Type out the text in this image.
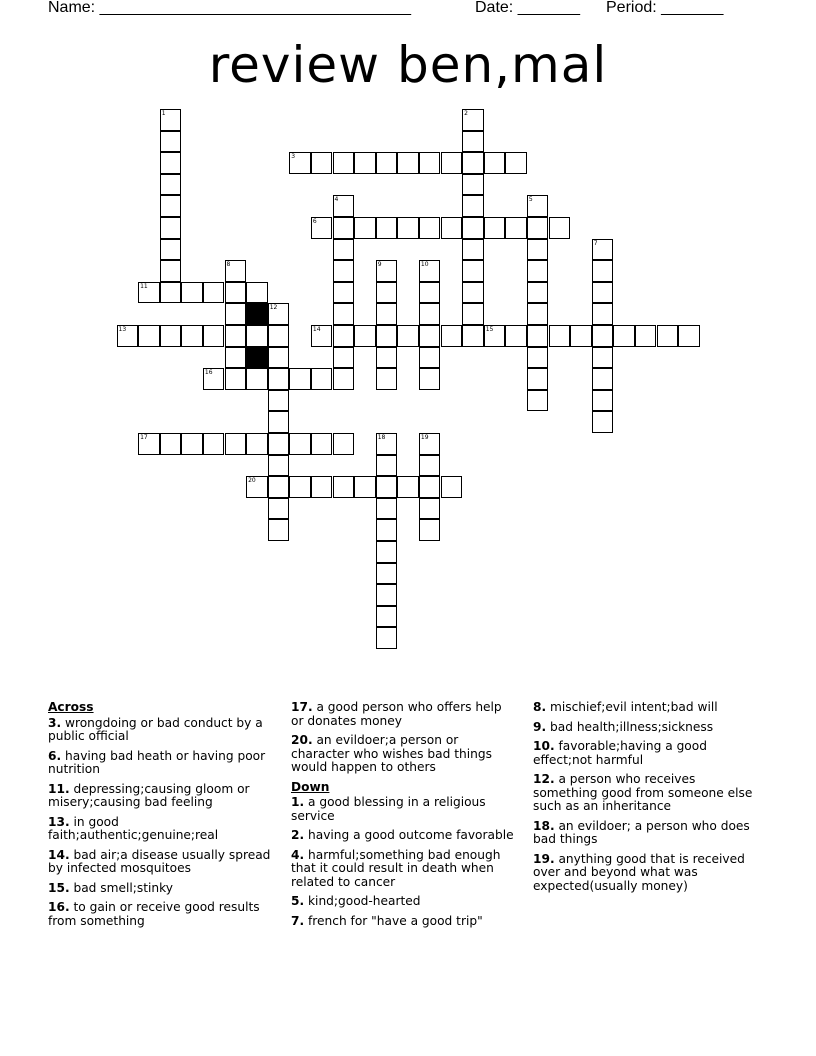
Name: ___________________________________	Date: _______ Period: _______
review ben,mal
1	2
3
4	5
6
7
8	9	10
11
12
13	14	15
16
17	18	19
20
Across
3. wrongdoing or bad conduct by a public official
6. having bad heath or having poor nutrition
11. depressing;causing gloom or misery;causing bad feeling
13. in good faith;authentic;genuine;real
14. bad air;a disease usually spread by infected mosquitoes
15. bad smell;stinky
16. to gain or receive good results from something
17. a good person who offers help or donates money
20. an evildoer;a person or character who wishes bad things would happen to others
Down
1. a good blessing in a religious service
2. having a good outcome favorable
4. harmful;something bad enough that it could result in death when related to cancer
5. kind;good-hearted
7. french for "have a good trip"
8. mischief;evil intent;bad will
9. bad health;illness;sickness
10. favorable;having a good effect;not harmful
12. a person who receives something good from someone else such as an inheritance
18. an evildoer; a person who does bad things
19. anything good that is received over and beyond what was expected(usually money)
